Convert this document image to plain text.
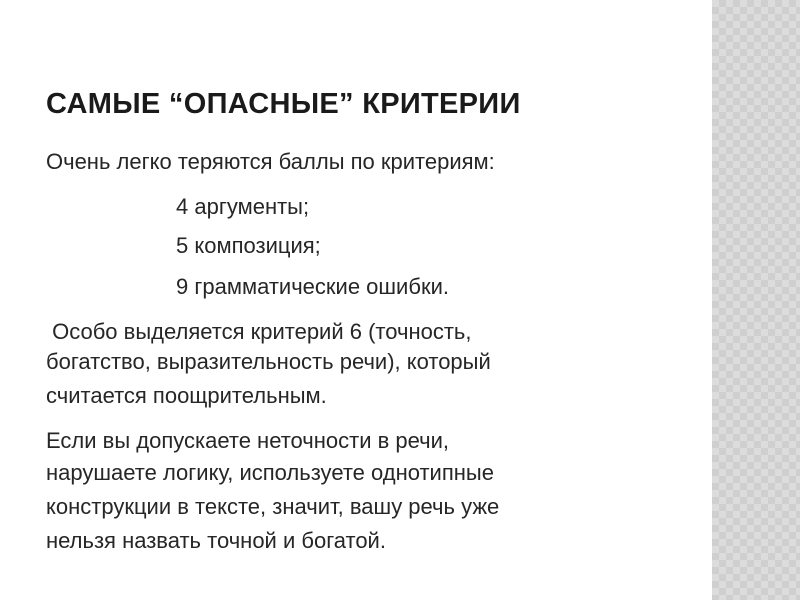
САМЫЕ “ОПАСНЫЕ” КРИТЕРИИ

Очень легко теряются баллы по критериям:

4 аргументы;

5 композиция;

9 грамматические ошибки.

Особо выделяется критерий 6 (точность,

богатство, выразительность речи), который

считается поощрительным.

Если вы допускаете неточности в речи,

нарушаете логику, используете однотипные

конструкции в тексте, значит, вашу речь уже

нельзя назвать точной и богатой.
